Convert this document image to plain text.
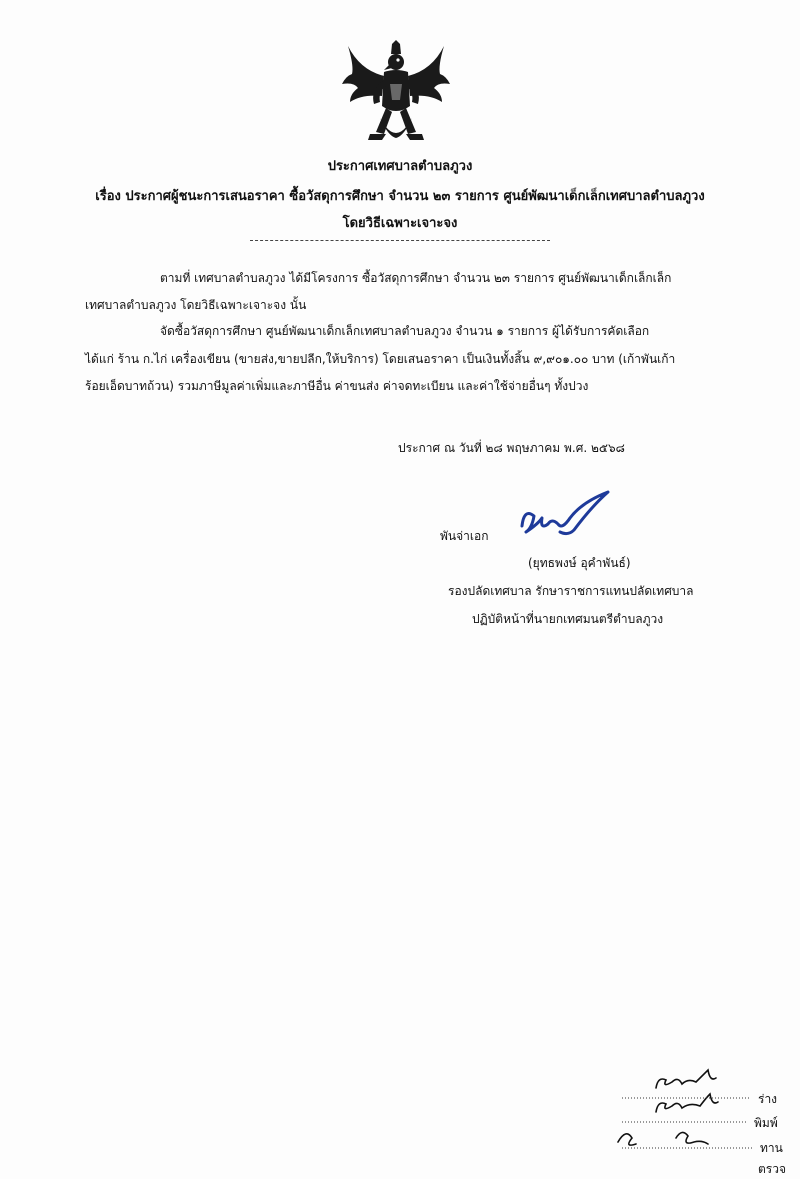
ประกาศเทศบาลตำบลภูวง
เรื่อง ประกาศผู้ชนะการเสนอราคา ซื้อวัสดุการศึกษา จำนวน ๒๓ รายการ ศูนย์พัฒนาเด็กเล็กเทศบาลตำบลภูวง
โดยวิธีเฉพาะเจาะจง
ตามที่ เทศบาลตำบลภูวง ได้มีโครงการ ซื้อวัสดุการศึกษา จำนวน ๒๓ รายการ ศูนย์พัฒนาเด็กเล็กเล็ก
เทศบาลตำบลภูวง โดยวิธีเฉพาะเจาะจง นั้น
จัดซื้อวัสดุการศึกษา ศูนย์พัฒนาเด็กเล็กเทศบาลตำบลภูวง จำนวน ๑ รายการ ผู้ได้รับการคัดเลือก
ได้แก่ ร้าน ก.ไก่ เครื่องเขียน (ขายส่ง,ขายปลีก,ให้บริการ) โดยเสนอราคา เป็นเงินทั้งสิ้น ๙,๙๐๑.๐๐ บาท (เก้าพันเก้า
ร้อยเอ็ดบาทถ้วน) รวมภาษีมูลค่าเพิ่มและภาษีอื่น ค่าขนส่ง ค่าจดทะเบียน และค่าใช้จ่ายอื่นๆ ทั้งปวง
ประกาศ ณ วันที่ ๒๘ พฤษภาคม พ.ศ. ๒๕๖๘
พันจ่าเอก
(ยุทธพงษ์ อุคำพันธ์)
รองปลัดเทศบาล รักษาราชการแทนปลัดเทศบาล
ปฏิบัติหน้าที่นายกเทศมนตรีตำบลภูวง
ร่าง
พิมพ์
ทาน
ตรวจ
